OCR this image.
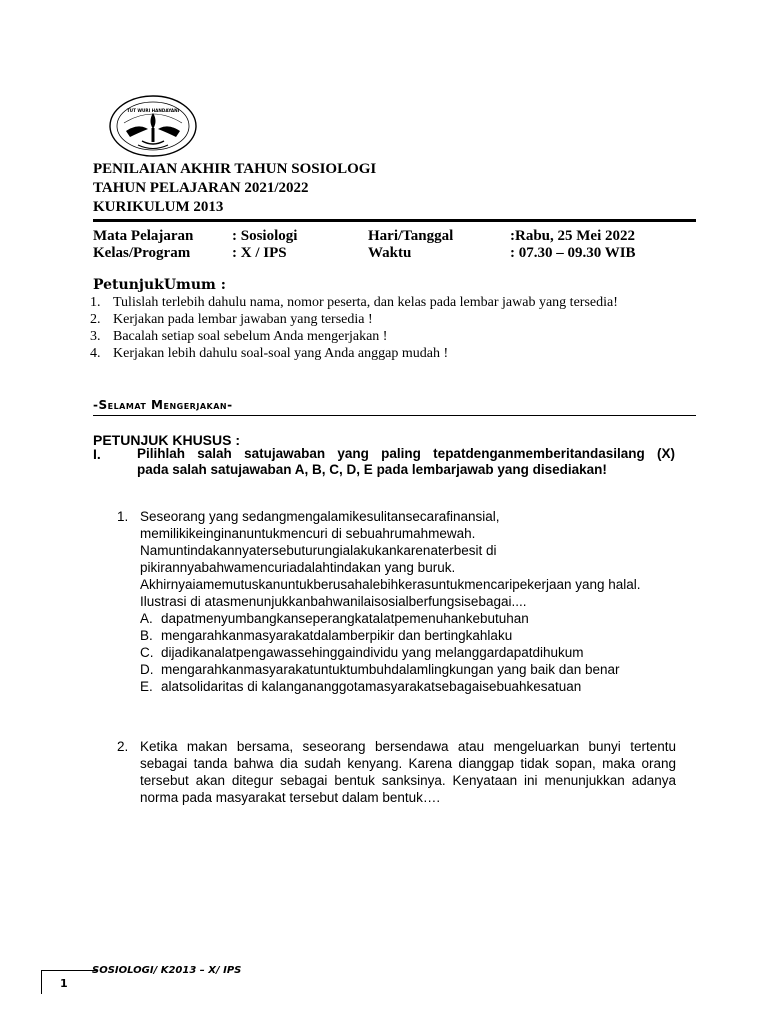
TUT WURI HANDAYANI
PENILAIAN AKHIR TAHUN SOSIOLOGI
TAHUN PELAJARAN 2021/2022
KURIKULUM 2013
Mata Pelajaran	: Sosiologi	Hari/Tanggal	:Rabu, 25 Mei 2022
Kelas/Program	: X / IPS	Waktu	: 07.30 – 09.30 WIB
PetunjukUmum :
1. Tulislah terlebih dahulu nama, nomor peserta, dan kelas pada lembar jawab yang tersedia!
2. Kerjakan pada lembar jawaban yang tersedia !
3. Bacalah setiap soal sebelum Anda mengerjakan !
4. Kerjakan lebih dahulu soal-soal yang Anda anggap mudah !
-Selamat Mengerjakan-
PETUNJUK KHUSUS :
I.	Pilihlah salah satujawaban yang paling tepatdenganmemberitandasilang (X)
pada salah satujawaban A, B, C, D, E pada lembarjawab yang disediakan!
1. Seseorang yang sedangmengalamikesulitansecarafinansial,
memilikikeinginanuntukmencuri di sebuahrumahmewah.
Namuntindakannyatersebuturungialakukankarenaterbesit di
pikirannyabahwamencuriadalahtindakan yang buruk.
Akhirnyaiamemutuskanuntukberusahalebihkerasuntukmencaripekerjaan yang halal.
Ilustrasi di atasmenunjukkanbahwanilaisosialberfungsisebagai....
A. dapatmenyumbangkanseperangkatalatpemenuhankebutuhan
B. mengarahkanmasyarakatdalamberpikir dan bertingkahlaku
C. dijadikanalatpengawassehinggaindividu yang melanggardapatdihukum
D. mengarahkanmasyarakatuntuktumbuhdalamlingkungan yang baik dan benar
E. alatsolidaritas di kalangananggotamasyarakatsebagaisebuahkesatuan
2. Ketika makan bersama, seseorang bersendawa atau mengeluarkan bunyi tertentu
sebagai tanda bahwa dia sudah kenyang. Karena dianggap tidak sopan, maka orang
tersebut akan ditegur sebagai bentuk sanksinya. Kenyataan ini menunjukkan adanya
norma pada masyarakat tersebut dalam bentuk….
1
SOSIOLOGI/ K2013 – X/ IPS
